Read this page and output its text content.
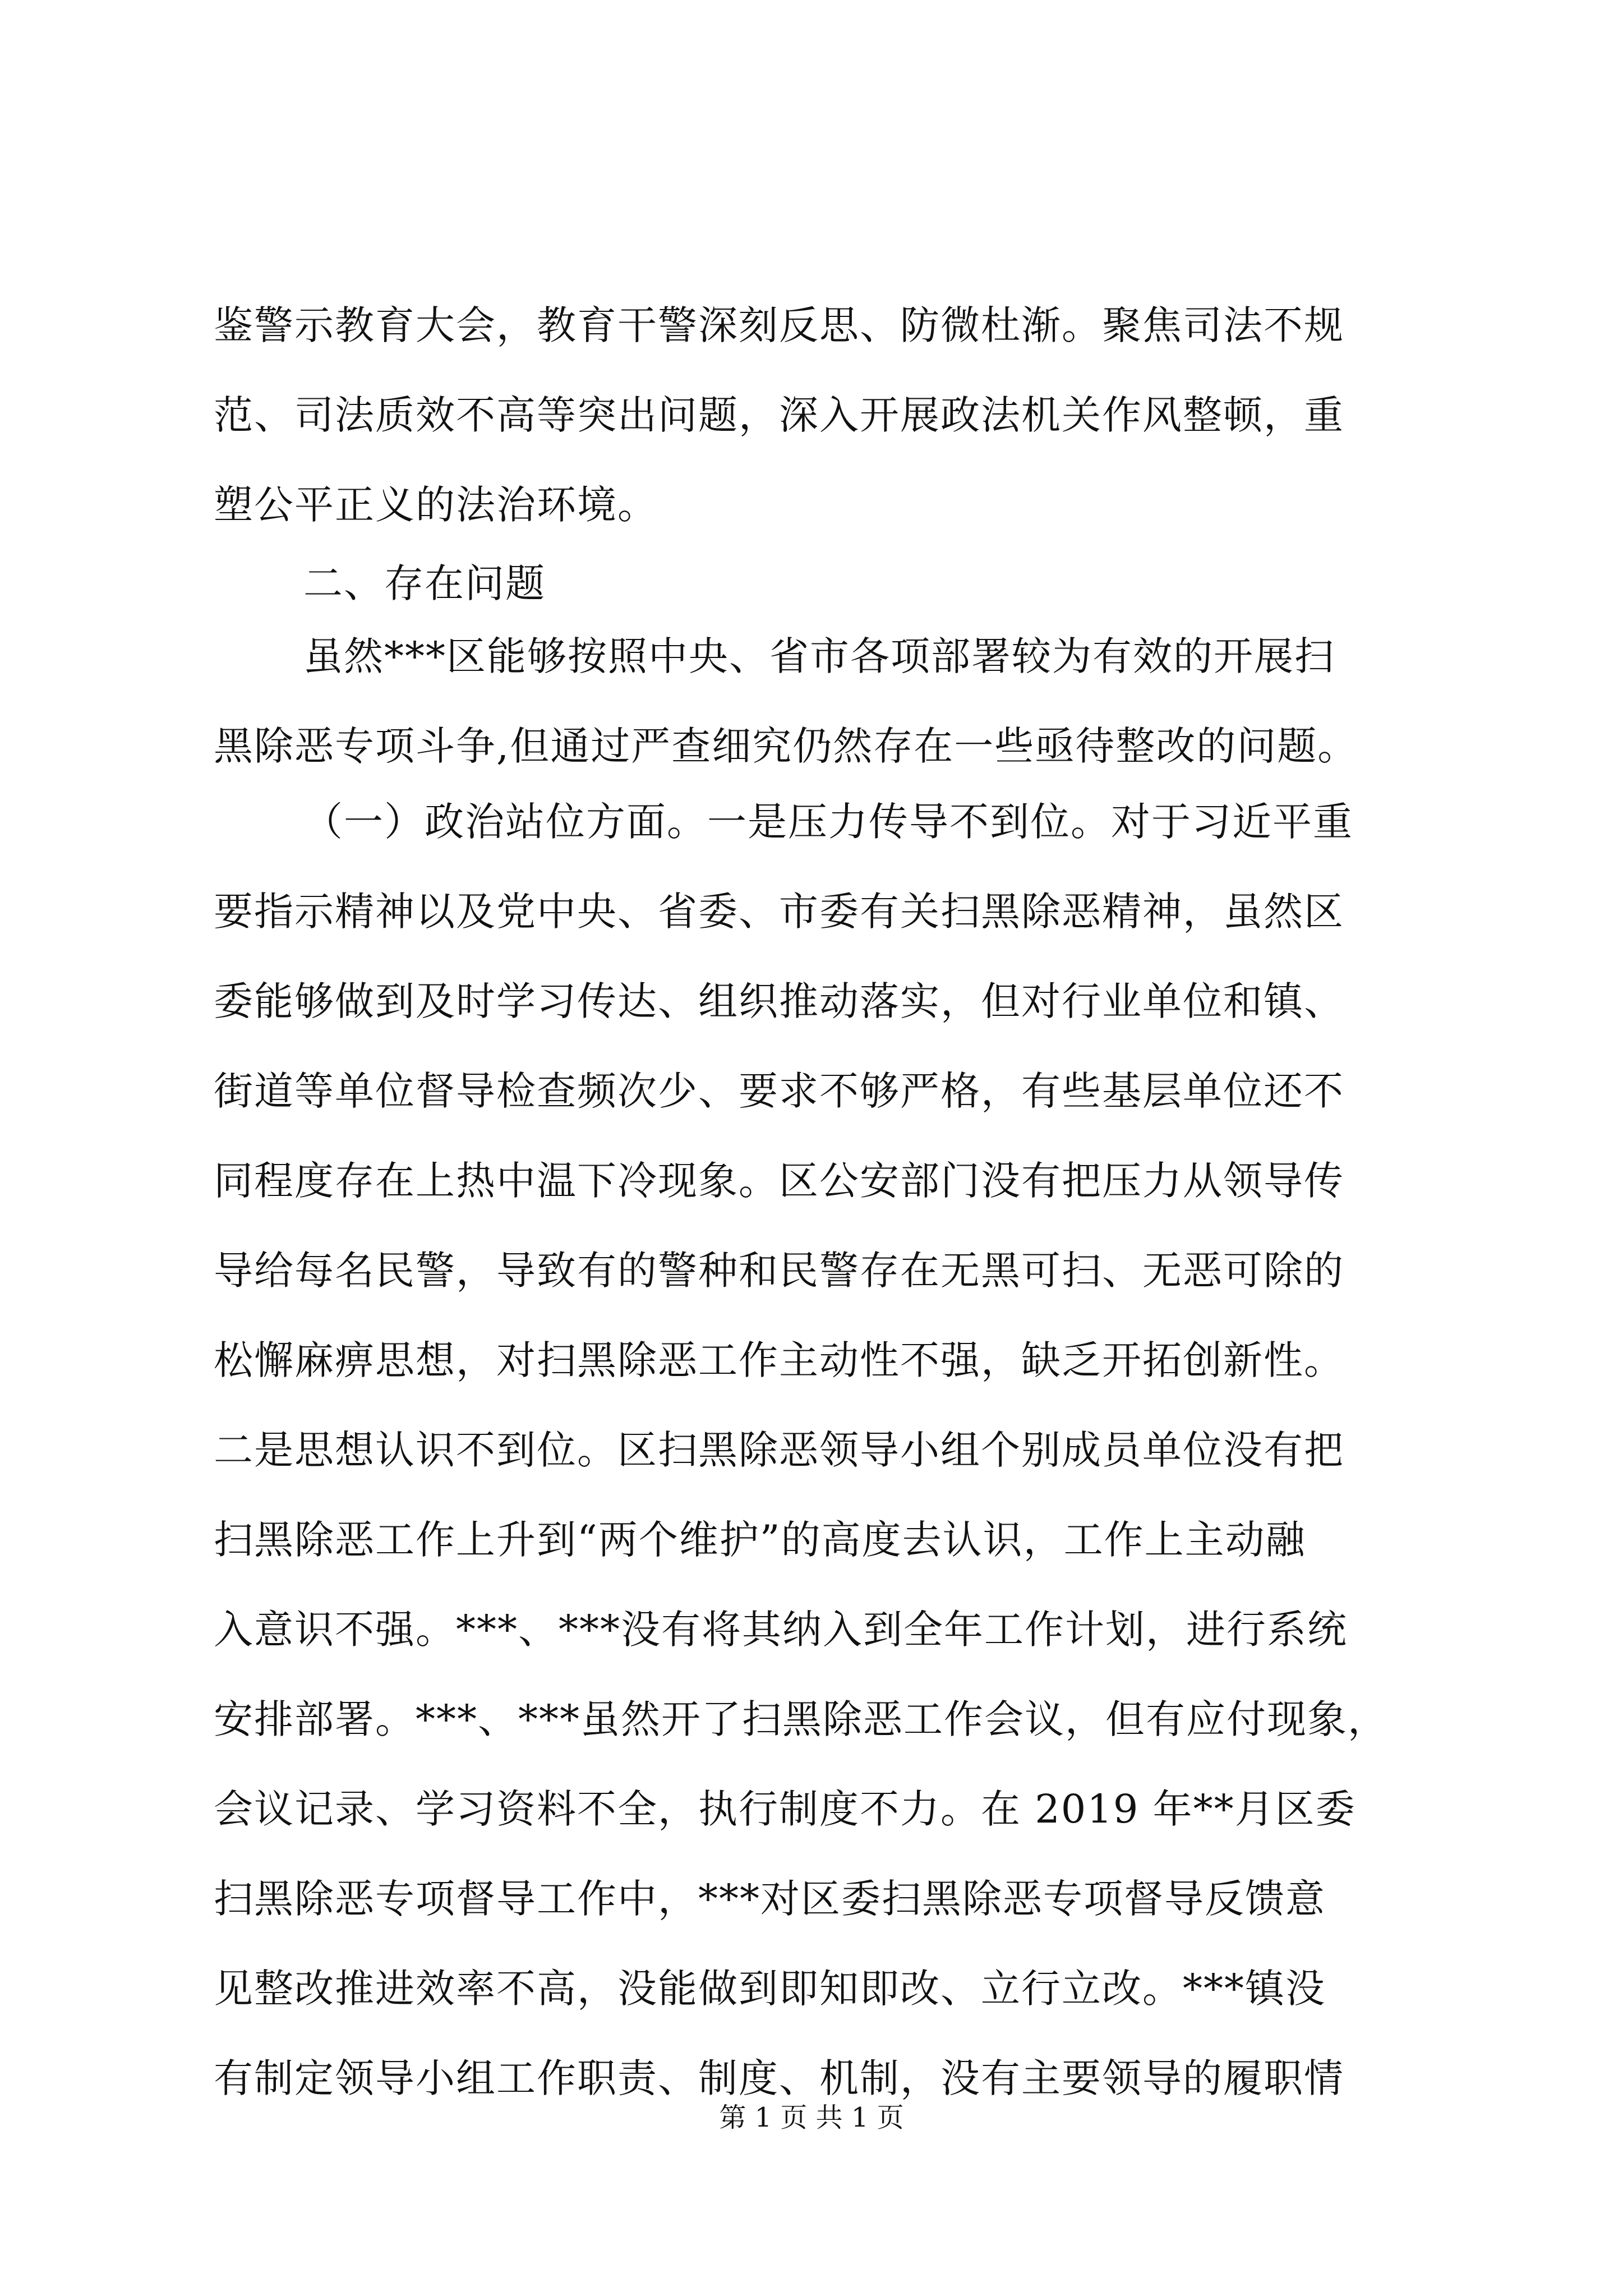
鉴警示教育大会，教育干警深刻反思、防微杜渐。聚焦司法不规
范、司法质效不高等突出问题，深入开展政法机关作风整顿，重
塑公平正义的法治环境。
二、存在问题
虽然***区能够按照中央、省市各项部署较为有效的开展扫
黑除恶专项斗争,但通过严查细究仍然存在一些亟待整改的问题。
（一）政治站位方面。一是压力传导不到位。对于习近平重
要指示精神以及党中央、省委、市委有关扫黑除恶精神，虽然区
委能够做到及时学习传达、组织推动落实，但对行业单位和镇、
街道等单位督导检查频次少、要求不够严格，有些基层单位还不
同程度存在上热中温下冷现象。区公安部门没有把压力从领导传
导给每名民警，导致有的警种和民警存在无黑可扫、无恶可除的
松懈麻痹思想，对扫黑除恶工作主动性不强，缺乏开拓创新性。
二是思想认识不到位。区扫黑除恶领导小组个别成员单位没有把
扫黑除恶工作上升到“两个维护”的高度去认识，工作上主动融
入意识不强。***、***没有将其纳入到全年工作计划，进行系统
安排部署。***、***虽然开了扫黑除恶工作会议，但有应付现象，
会议记录、学习资料不全，执行制度不力。在 2019 年**月区委
扫黑除恶专项督导工作中，***对区委扫黑除恶专项督导反馈意
见整改推进效率不高，没能做到即知即改、立行立改。***镇没
有制定领导小组工作职责、制度、机制，没有主要领导的履职情
第 1 页 共 1 页
